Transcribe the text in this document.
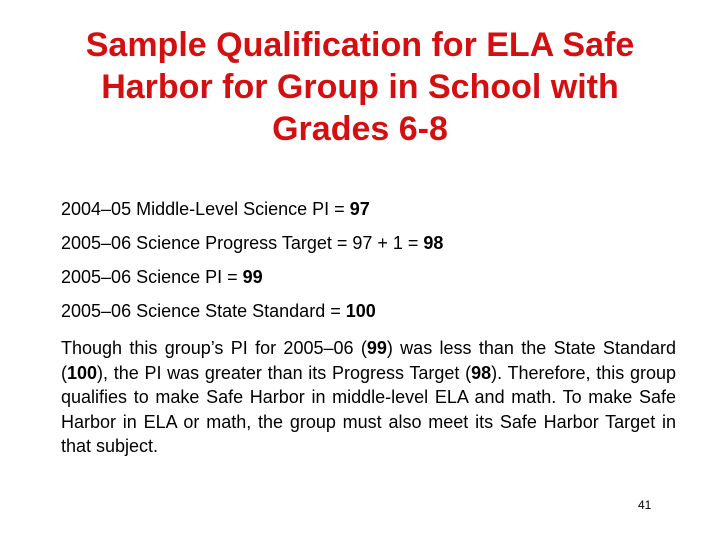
Sample Qualification for ELA Safe
Harbor for Group in School with
Grades 6-8
2004–05 Middle-Level Science PI = 97
2005–06 Science Progress Target = 97 + 1 = 98
2005–06 Science PI = 99
2005–06 Science State Standard = 100
Though this group’s PI for 2005–06 (99) was less than the State Standard (100), the PI was greater than its Progress Target (98). Therefore, this group qualifies to make Safe Harbor in middle-level ELA and math. To make Safe Harbor in ELA or math, the group must also meet its Safe Harbor Target in that subject.
41
